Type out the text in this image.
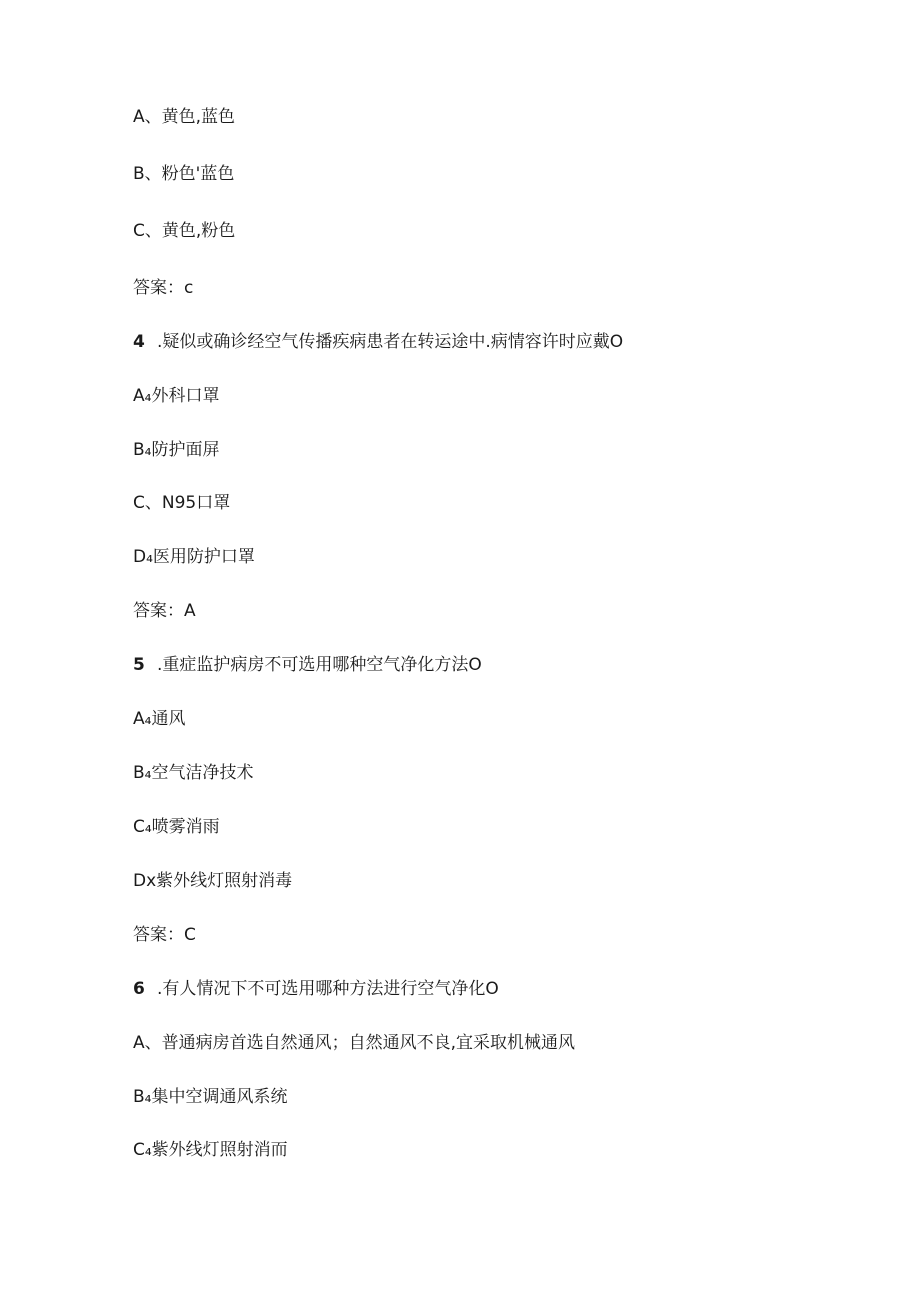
A、黄色,蓝色
B、粉色'蓝色
C、黄色,粉色
答案：c
4 .疑似或确诊经空气传播疾病患者在转运途中.病情容许时应戴O
A₄外科口罩
B₄防护面屏
C、N95口罩
D₄医用防护口罩
答案：A
5 .重症监护病房不可选用哪种空气净化方法O
A₄通风
B₄空气洁净技术
C₄喷雾消雨
Dx紫外线灯照射消毒
答案：C
6 .有人情况下不可选用哪种方法进行空气净化O
A、普通病房首选自然通风；自然通风不良,宜采取机械通风
B₄集中空调通风系统
C₄紫外线灯照射消而
